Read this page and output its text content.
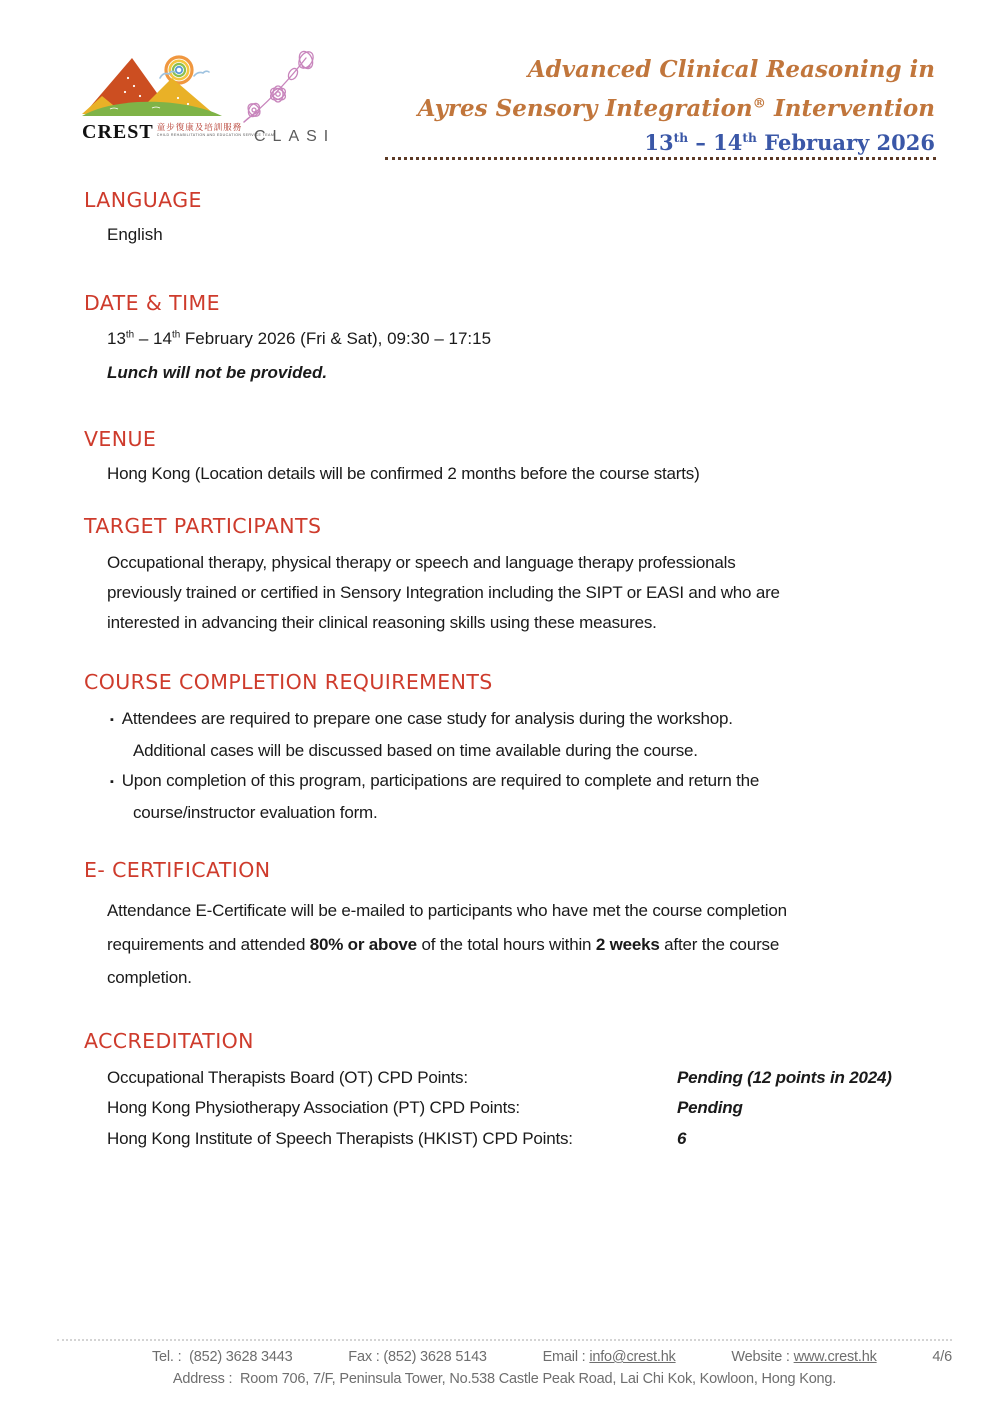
CREST 童步復康及培訓服務
CHILD REHABILITATION AND EDUCATION SERVICE TEAM
CLASI
Advanced Clinical Reasoning in
Ayres Sensory Integration® Intervention
13th – 14th February 2026
LANGUAGE
English
DATE & TIME
13th – 14th February 2026 (Fri & Sat), 09:30 – 17:15
Lunch will not be provided.
VENUE
Hong Kong (Location details will be confirmed 2 months before the course starts)
TARGET PARTICIPANTS
Occupational therapy, physical therapy or speech and language therapy professionals
previously trained or certified in Sensory Integration including the SIPT or EASI and who are
interested in advancing their clinical reasoning skills using these measures.
COURSE COMPLETION REQUIREMENTS
▪ Attendees are required to prepare one case study for analysis during the workshop.
Additional cases will be discussed based on time available during the course.
▪ Upon completion of this program, participations are required to complete and return the
course/instructor evaluation form.
E- CERTIFICATION
Attendance E-Certificate will be e-mailed to participants who have met the course completion
requirements and attended 80% or above of the total hours within 2 weeks after the course
completion.
ACCREDITATION
Occupational Therapists Board (OT) CPD Points:	Pending (12 points in 2024)
Hong Kong Physiotherapy Association (PT) CPD Points:	Pending
Hong Kong Institute of Speech Therapists (HKIST) CPD Points:	6
Tel. : (852) 3628 3443	Fax : (852) 3628 5143	Email : info@crest.hk	Website : www.crest.hk	4/6
Address : Room 706, 7/F, Peninsula Tower, No.538 Castle Peak Road, Lai Chi Kok, Kowloon, Hong Kong.
